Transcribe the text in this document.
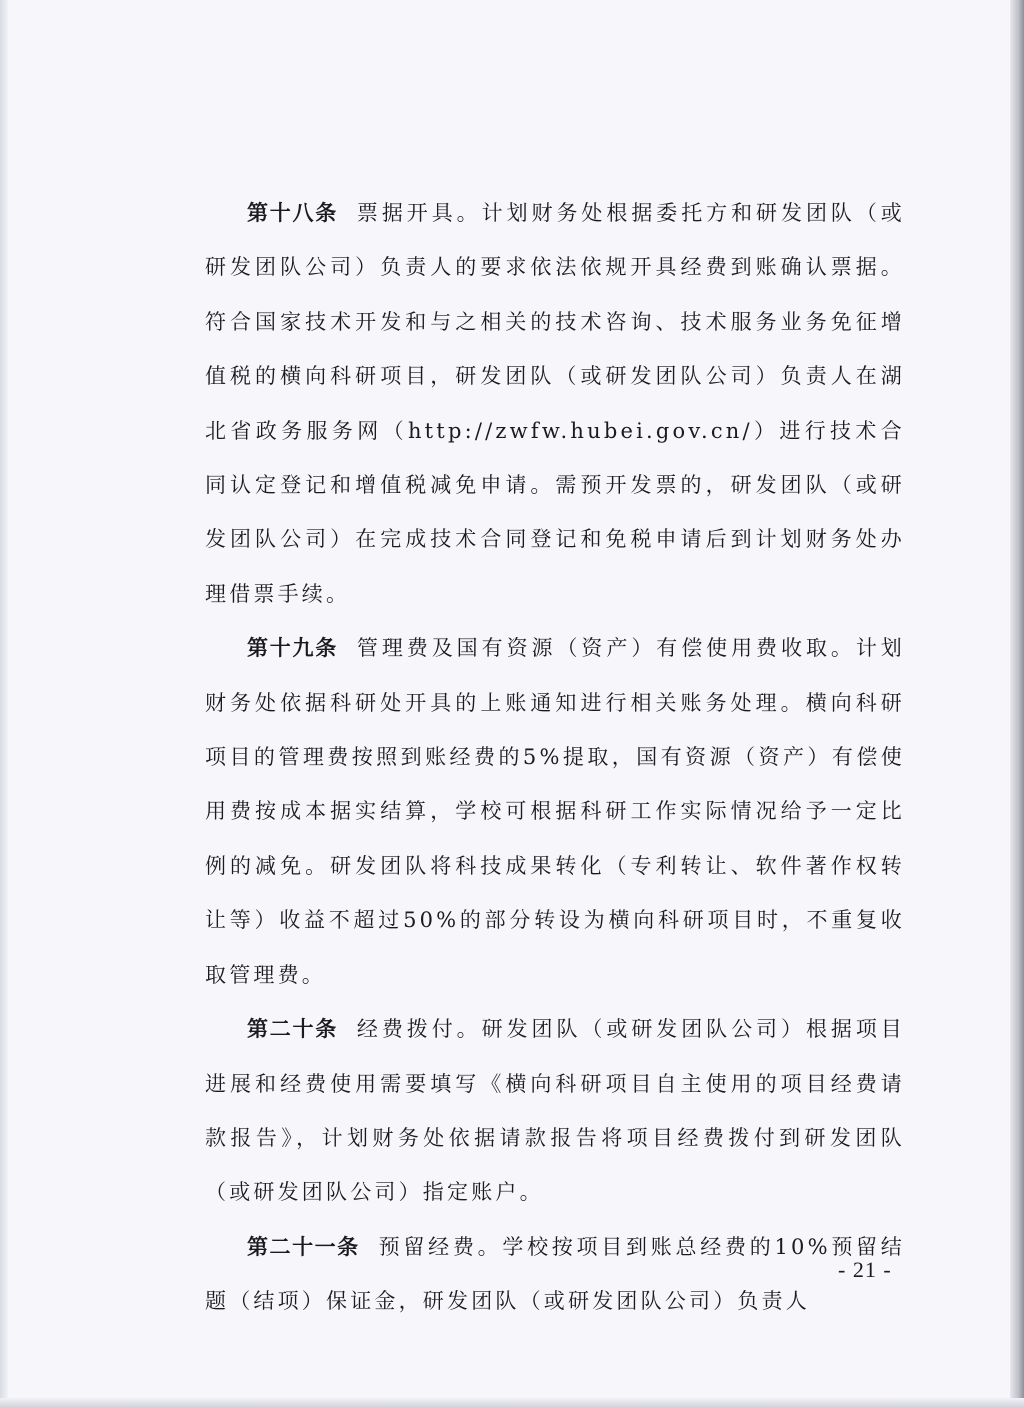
第十八条 票据开具。计划财务处根据委托方和研发团队（或研发团队公司）负责人的要求依法依规开具经费到账确认票据。符合国家技术开发和与之相关的技术咨询、技术服务业务免征增值税的横向科研项目，研发团队（或研发团队公司）负责人在湖北省政务服务网（http://zwfw.hubei.gov.cn/）进行技术合同认定登记和增值税减免申请。需预开发票的，研发团队（或研发团队公司）在完成技术合同登记和免税申请后到计划财务处办理借票手续。

第十九条 管理费及国有资源（资产）有偿使用费收取。计划财务处依据科研处开具的上账通知进行相关账务处理。横向科研项目的管理费按照到账经费的5%提取，国有资源（资产）有偿使用费按成本据实结算，学校可根据科研工作实际情况给予一定比例的减免。研发团队将科技成果转化（专利转让、软件著作权转让等）收益不超过50%的部分转设为横向科研项目时，不重复收取管理费。

第二十条 经费拨付。研发团队（或研发团队公司）根据项目进展和经费使用需要填写《横向科研项目自主使用的项目经费请款报告》，计划财务处依据请款报告将项目经费拨付到研发团队（或研发团队公司）指定账户。

第二十一条 预留经费。学校按项目到账总经费的10%预留结题（结项）保证金，研发团队（或研发团队公司）负责人

- 21 -
